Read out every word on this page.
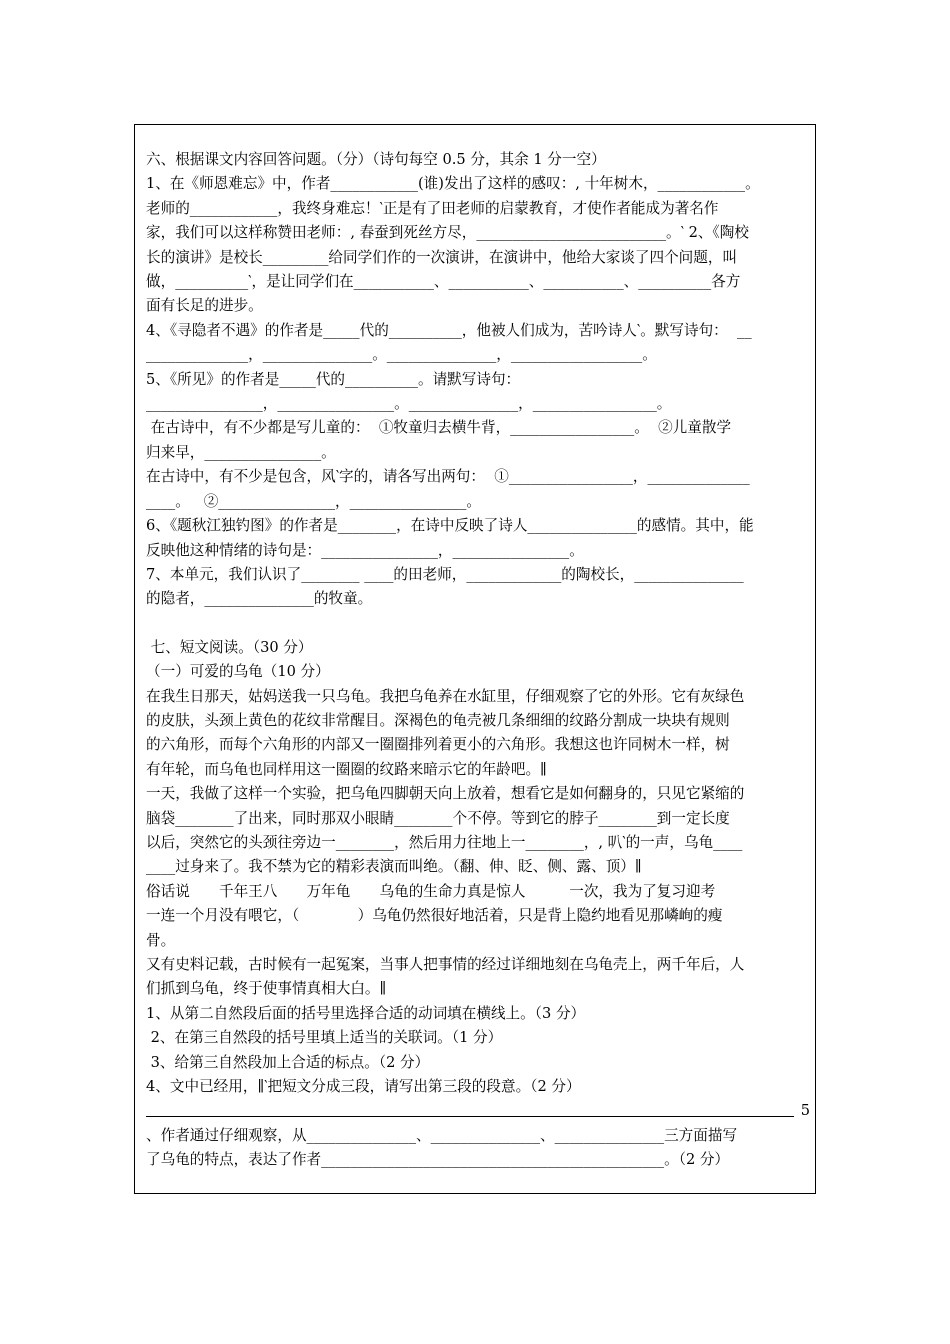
六、根据课文内容回答问题。（分）（诗句每空 0.5 分，其余 1 分一空）

1、在《师恩难忘》中，作者____________(谁)发出了这样的感叹：, 十年树木，____________。

老师的____________，我终身难忘！‵正是有了田老师的启蒙教育，才使作者能成为著名作

家，我们可以这样称赞田老师：, 春蚕到死丝方尽，__________________________。‵ 2、《陶校

长的演讲》是校长_________给同学们作的一次演讲，在演讲中，他给大家谈了四个问题，叫

做，__________‵，是让同学们在___________、___________、___________、__________各方

面有长足的进步。

4、《寻隐者不遇》的作者是_____代的__________，他被人们成为，苦吟诗人‵。默写诗句：  __

______________，_______________。_______________，__________________。

5、《所见》的作者是_____代的__________。请默写诗句：

________________，________________。_______________，_________________。

在古诗中，有不少都是写儿童的：  ①牧童归去横牛背，_________________。  ②儿童散学

归来早，________________。

在古诗中，有不少是包含，风‵字的，请各写出两句：  ①_________________，______________

____。   ②________________，________________。

6、《题秋江独钓图》的作者是________，在诗中反映了诗人_______________的感情。其中，能

反映他这种情绪的诗句是：________________，________________。

7、本单元，我们认识了________ ____的田老师，_____________的陶校长，_______________

的隐者，_______________的牧童。

七、短文阅读。（30 分）

（一）可爱的乌龟（10 分）

在我生日那天，姑妈送我一只乌龟。我把乌龟养在水缸里，仔细观察了它的外形。它有灰绿色

的皮肤，头颈上黄色的花纹非常醒目。深褐色的龟壳被几条细细的纹路分割成一块块有规则

的六角形，而每个六角形的内部又一圈圈排列着更小的六角形。我想这也许同树木一样，树

有年轮，而乌龟也同样用这一圈圈的纹路来暗示它的年龄吧。∥

一天，我做了这样一个实验，把乌龟四脚朝天向上放着，想看它是如何翻身的，只见它紧缩的

脑袋________了出来，同时那双小眼睛________个不停。等到它的脖子________到一定长度

以后，突然它的头颈往旁边一________，然后用力往地上一________，, 叭‵的一声，乌龟____

____过身来了。我不禁为它的精彩表演而叫绝。（翻、伸、眨、侧、露、顶）∥

俗话说　　千年王八　　万年龟　　乌龟的生命力真是惊人　　　一次，我为了复习迎考

一连一个月没有喂它，（　　　　）乌龟仍然很好地活着，只是背上隐约地看见那嶙峋的瘦

骨。

又有史料记载，古时候有一起冤案，当事人把事情的经过详细地刻在乌龟壳上，两千年后，人

们抓到乌龟，终于使事情真相大白。∥

1、从第二自然段后面的括号里选择合适的动词填在横线上。（3 分）

2、在第三自然段的括号里填上适当的关联词。（1 分）

3、给第三自然段加上合适的标点。（2 分）

4、文中已经用，∥‵把短文分成三段，请写出第三段的段意。（2 分）

5

、作者通过仔细观察，从_______________、_______________、_______________三方面描写

了乌龟的特点，表达了作者_______________________________________________。（2 分）
